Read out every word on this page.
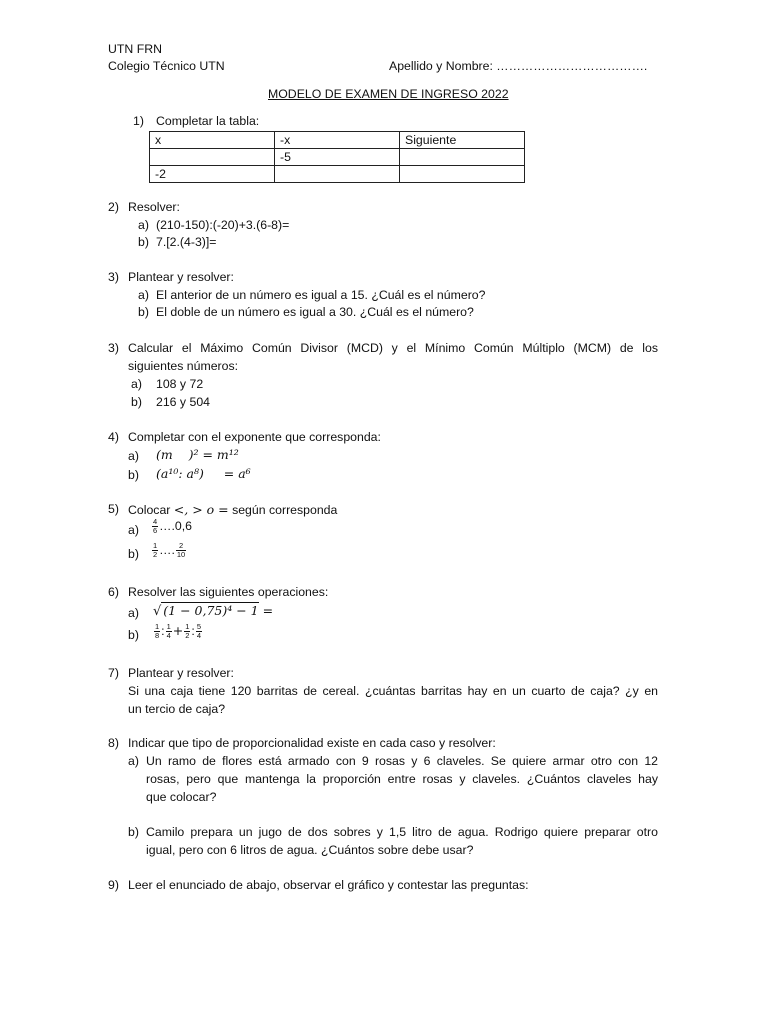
UTN FRN
Colegio Técnico UTN	Apellido y Nombre: ……………………………….
MODELO DE EXAMEN DE INGRESO 2022
1) Completar la tabla:
x	-x	Siguiente
	-5	
-2		
2) Resolver:
a) (210-150):(-20)+3.(6-8)=
b) 7.[2.(4-3)]=
3) Plantear y resolver:
a) El anterior de un número es igual a 15. ¿Cuál es el número?
b) El doble de un número es igual a 30. ¿Cuál es el número?
3) Calcular el Máximo Común Divisor (MCD) y el Mínimo Común Múltiplo (MCM) de los
siguientes números:
a) 108 y 72
b) 216 y 504
4) Completar con el exponente que corresponda:
a) (m    )² = m¹²
b) (a¹⁰: a⁸)     = a⁶
5) Colocar <, > o = según corresponda
$a) \frac{4}{6}$ ….0,6
$b) \frac{1}{2}$ …. $\frac{2}{10}$
6) Resolver las siguientes operaciones:
a) √ (1 − 0,75)⁴ − 1 =
$b) \frac{1}{8}$ : $\frac{1}{4} + \frac{1}{2}$ : $\frac{5}{4}$
7) Plantear y resolver:
Si una caja tiene 120 barritas de cereal. ¿cuántas barritas hay en un cuarto de caja? ¿y en
un tercio de caja?
8) Indicar que tipo de proporcionalidad existe en cada caso y resolver:
a) Un ramo de flores está armado con 9 rosas y 6 claveles. Se quiere armar otro con 12
rosas, pero que mantenga la proporción entre rosas y claveles. ¿Cuántos claveles hay
que colocar?
b) Camilo prepara un jugo de dos sobres y 1,5 litro de agua. Rodrigo quiere preparar otro
igual, pero con 6 litros de agua. ¿Cuántos sobre debe usar?
9) Leer el enunciado de abajo, observar el gráfico y contestar las preguntas:
